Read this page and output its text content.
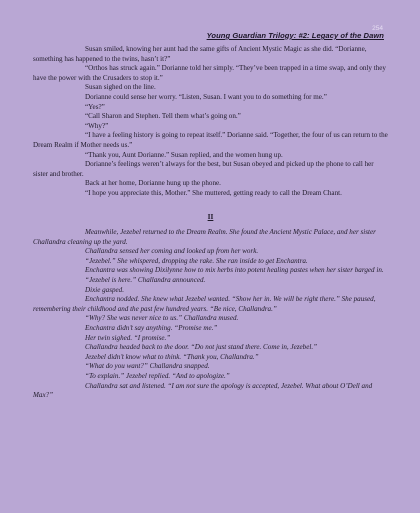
254
Young Guardian Trilogy: #2: Legacy of the Dawn

Susan smiled, knowing her aunt had the same gifts of Ancient Mystic Magic as she did. “Dorianne, something has happened to the twins, hasn’t it?”

“Orthos has struck again.” Dorianne told her simply. “They’ve been trapped in a time swap, and only they have the power with the Crusaders to stop it.”

Susan sighed on the line.

Dorianne could sense her worry. “Listen, Susan. I want you to do something for me.”

“Yes?”

“Call Sharon and Stephen. Tell them what’s going on.”

“Why?”

“I have a feeling history is going to repeat itself.” Dorianne said. “Together, the four of us can return to the Dream Realm if Mother needs us.”

“Thank you, Aunt Dorianne.” Susan replied, and the women hung up.

Dorianne’s feelings weren’t always for the best, but Susan obeyed and picked up the phone to call her sister and brother.

Back at her home, Dorianne hung up the phone.

“I hope you appreciate this, Mother.” She muttered, getting ready to call the Dream Chant.

II

Meanwhile, Jezebel returned to the Dream Realm. She found the Ancient Mystic Palace, and her sister Challandra cleaning up the yard.

Challandra sensed her coming and looked up from her work.

“Jezebel.” She whispered, dropping the rake. She ran inside to get Enchantra.

Enchantra was showing Dixilynne how to mix herbs into potent healing pastes when her sister barged in.

“Jezebel is here.” Challandra announced.

Dixie gasped.

Enchantra nodded. She knew what Jezebel wanted. “Show her in. We will be right there.” She paused, remembering their childhood and the past few hundred years. “Be nice, Challandra.”

“Why? She was never nice to us.” Challandra mused.

Enchantra didn’t say anything. “Promise me.”

Her twin sighed. “I promise.”

Challandra headed back to the door. “Do not just stand there. Come in, Jezebel.”

Jezebel didn’t know what to think. “Thank you, Challandra.”

“What do you want?” Challandra snapped.

“To explain.” Jezebel replied. “And to apologize.”

Challandra sat and listened. “I am not sure the apology is accepted, Jezebel. What about O’Dell and Max?”
